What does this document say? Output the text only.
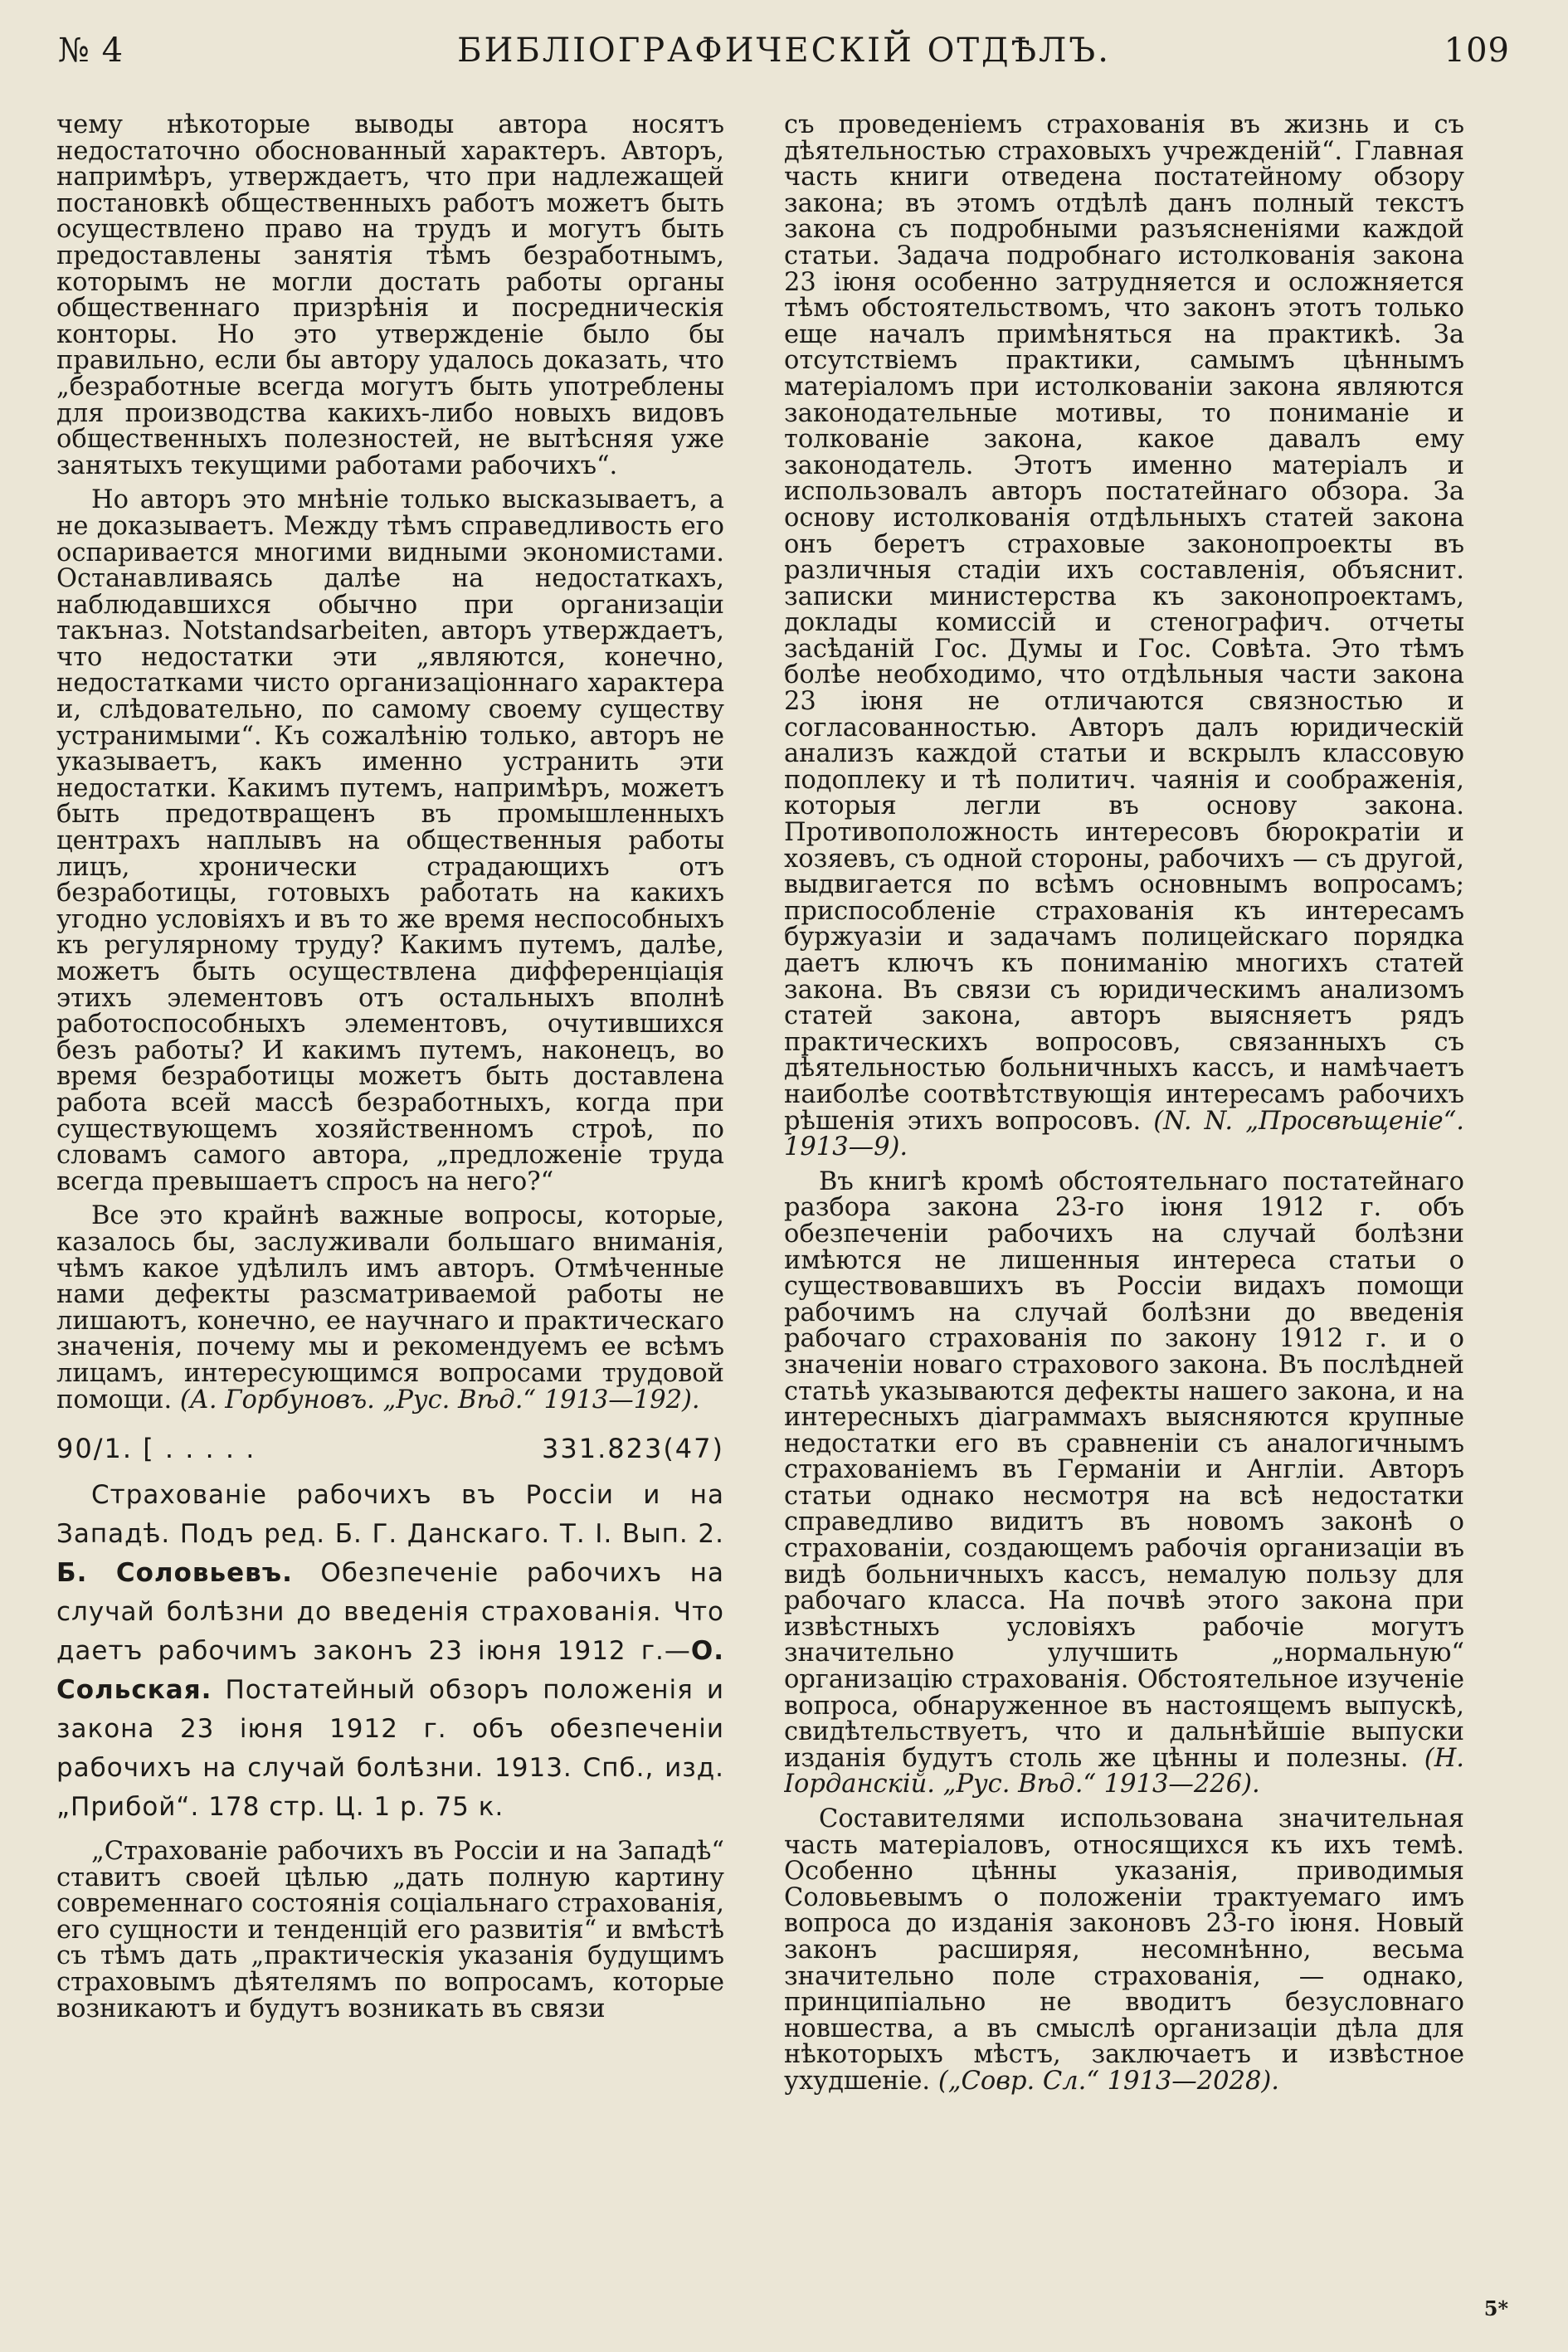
№ 4	БИБЛІОГРАФИЧЕСКІЙ ОТДѢЛЪ.	109

чему нѣкоторые выводы автора носятъ недостаточно обоснованный характеръ. Авторъ, напримѣръ, утверждаетъ, что при надлежащей постановкѣ общественныхъ работъ можетъ быть осуществлено право на трудъ и могутъ быть предоставлены занятія тѣмъ безработнымъ, которымъ не могли достать работы органы общественнаго призрѣнія и посредническія конторы. Но это утвержденіе было бы правильно, если бы автору удалось доказать, что „безработные всегда могутъ быть употреблены для производства какихъ-либо новыхъ видовъ общественныхъ полезностей, не вытѣсняя уже занятыхъ текущими работами рабочихъ“.

Но авторъ это мнѣніе только высказываетъ, а не доказываетъ. Между тѣмъ справедливость его оспаривается многими видными экономистами. Останавливаясь далѣе на недостаткахъ, наблюдавшихся обычно при организаціи такъназ. Notstandsarbeiten, авторъ утверждаетъ, что недостатки эти „являются, конечно, недостатками чисто организаціоннаго характера и, слѣдовательно, по самому своему существу устранимыми“. Къ сожалѣнію только, авторъ не указываетъ, какъ именно устранить эти недостатки. Какимъ путемъ, напримѣръ, можетъ быть предотвращенъ въ промышленныхъ центрахъ наплывъ на общественныя работы лицъ, хронически страдающихъ отъ безработицы, готовыхъ работать на какихъ угодно условіяхъ и въ то же время неспособныхъ къ регулярному труду? Какимъ путемъ, далѣе, можетъ быть осуществлена дифференціація этихъ элементовъ отъ остальныхъ вполнѣ работоспособныхъ элементовъ, очутившихся безъ работы? И какимъ путемъ, наконецъ, во время безработицы можетъ быть доставлена работа всей массѣ безработныхъ, когда при существующемъ хозяйственномъ строѣ, по словамъ самого автора, „предложеніе труда всегда превышаетъ спросъ на него?“

Все это крайнѣ важные вопросы, которые, казалось бы, заслуживали большаго вниманія, чѣмъ какое удѣлилъ имъ авторъ. Отмѣченные нами дефекты разсматриваемой работы не лишаютъ, конечно, ее научнаго и практическаго значенія, почему мы и рекомендуемъ ее всѣмъ лицамъ, интересующимся вопросами трудовой помощи. (А. Горбуновъ. „Рус. Вѣд.“ 1913—192).

90/1. [ . . . . .	331.823(47)

Страхованіе рабочихъ въ Россіи и на Западѣ. Подъ ред. Б. Г. Данскаго. Т. I. Вып. 2. Б. Соловьевъ. Обезпеченіе рабочихъ на случай болѣзни до введенія страхованія. Что даетъ рабочимъ законъ 23 іюня 1912 г.—О. Сольская. Постатейный обзоръ положенія и закона 23 іюня 1912 г. объ обезпеченіи рабочихъ на случай болѣзни. 1913. Спб., изд. „Прибой“. 178 стр. Ц. 1 р. 75 к.

„Страхованіе рабочихъ въ Россіи и на Западѣ“ ставитъ своей цѣлью „дать полную картину современнаго состоянія соціальнаго страхованія, его сущности и тенденцій его развитія“ и вмѣстѣ съ тѣмъ дать „практическія указанія будущимъ страховымъ дѣятелямъ по вопросамъ, которые возникаютъ и будутъ возникать въ связи

съ проведеніемъ страхованія въ жизнь и съ дѣятельностью страховыхъ учрежденій“. Главная часть книги отведена постатейному обзору закона; въ этомъ отдѣлѣ данъ полный текстъ закона съ подробными разъясненіями каждой статьи. Задача подробнаго истолкованія закона 23 іюня особенно затрудняется и осложняется тѣмъ обстоятельствомъ, что законъ этотъ только еще началъ примѣняться на практикѣ. За отсутствіемъ практики, самымъ цѣннымъ матеріаломъ при истолкованіи закона являются законодательные мотивы, то пониманіе и толкованіе закона, какое давалъ ему законодатель. Этотъ именно матеріалъ и использовалъ авторъ постатейнаго обзора. За основу истолкованія отдѣльныхъ статей закона онъ беретъ страховые законопроекты въ различныя стадіи ихъ составленія, объяснит. записки министерства къ законопроектамъ, доклады комиссій и стенографич. отчеты засѣданій Гос. Думы и Гос. Совѣта. Это тѣмъ болѣе необходимо, что отдѣльныя части закона 23 іюня не отличаются связностью и согласованностью. Авторъ далъ юридическій анализъ каждой статьи и вскрылъ классовую подоплеку и тѣ политич. чаянія и соображенія, которыя легли въ основу закона. Противоположность интересовъ бюрократіи и хозяевъ, съ одной стороны, рабочихъ — съ другой, выдвигается по всѣмъ основнымъ вопросамъ; приспособленіе страхованія къ интересамъ буржуазіи и задачамъ полицейскаго порядка даетъ ключъ къ пониманію многихъ статей закона. Въ связи съ юридическимъ анализомъ статей закона, авторъ выясняетъ рядъ практическихъ вопросовъ, связанныхъ съ дѣятельностью больничныхъ кассъ, и намѣчаетъ наиболѣе соотвѣтствующія интересамъ рабочихъ рѣшенія этихъ вопросовъ. (N. N. „Просвѣщеніе“. 1913—9).

Въ книгѣ кромѣ обстоятельнаго постатейнаго разбора закона 23-го іюня 1912 г. объ обезпеченіи рабочихъ на случай болѣзни имѣются не лишенныя интереса статьи о существовавшихъ въ Россіи видахъ помощи рабочимъ на случай болѣзни до введенія рабочаго страхованія по закону 1912 г. и о значеніи новаго страхового закона. Въ послѣдней статьѣ указываются дефекты нашего закона, и на интересныхъ діаграммахъ выясняются крупные недостатки его въ сравненіи съ аналогичнымъ страхованіемъ въ Германіи и Англіи. Авторъ статьи однако несмотря на всѣ недостатки справедливо видитъ въ новомъ законѣ о страхованіи, создающемъ рабочія организаціи въ видѣ больничныхъ кассъ, немалую пользу для рабочаго класса. На почвѣ этого закона при извѣстныхъ условіяхъ рабочіе могутъ значительно улучшить „нормальную“ организацію страхованія. Обстоятельное изученіе вопроса, обнаруженное въ настоящемъ выпускѣ, свидѣтельствуетъ, что и дальнѣйшіе выпуски изданія будутъ столь же цѣнны и полезны. (Н. Іорданскій. „Рус. Вѣд.“ 1913—226).

Составителями использована значительная часть матеріаловъ, относящихся къ ихъ темѣ. Особенно цѣнны указанія, приводимыя Соловьевымъ о положеніи трактуемаго имъ вопроса до изданія законовъ 23-го іюня. Новый законъ расширяя, несомнѣнно, весьма значительно поле страхованія, — однако, принципіально не вводитъ безусловнаго новшества, а въ смыслѣ организаціи дѣла для нѣкоторыхъ мѣстъ, заключаетъ и извѣстное ухудшеніе. („Совр. Сл.“ 1913—2028).

5*
